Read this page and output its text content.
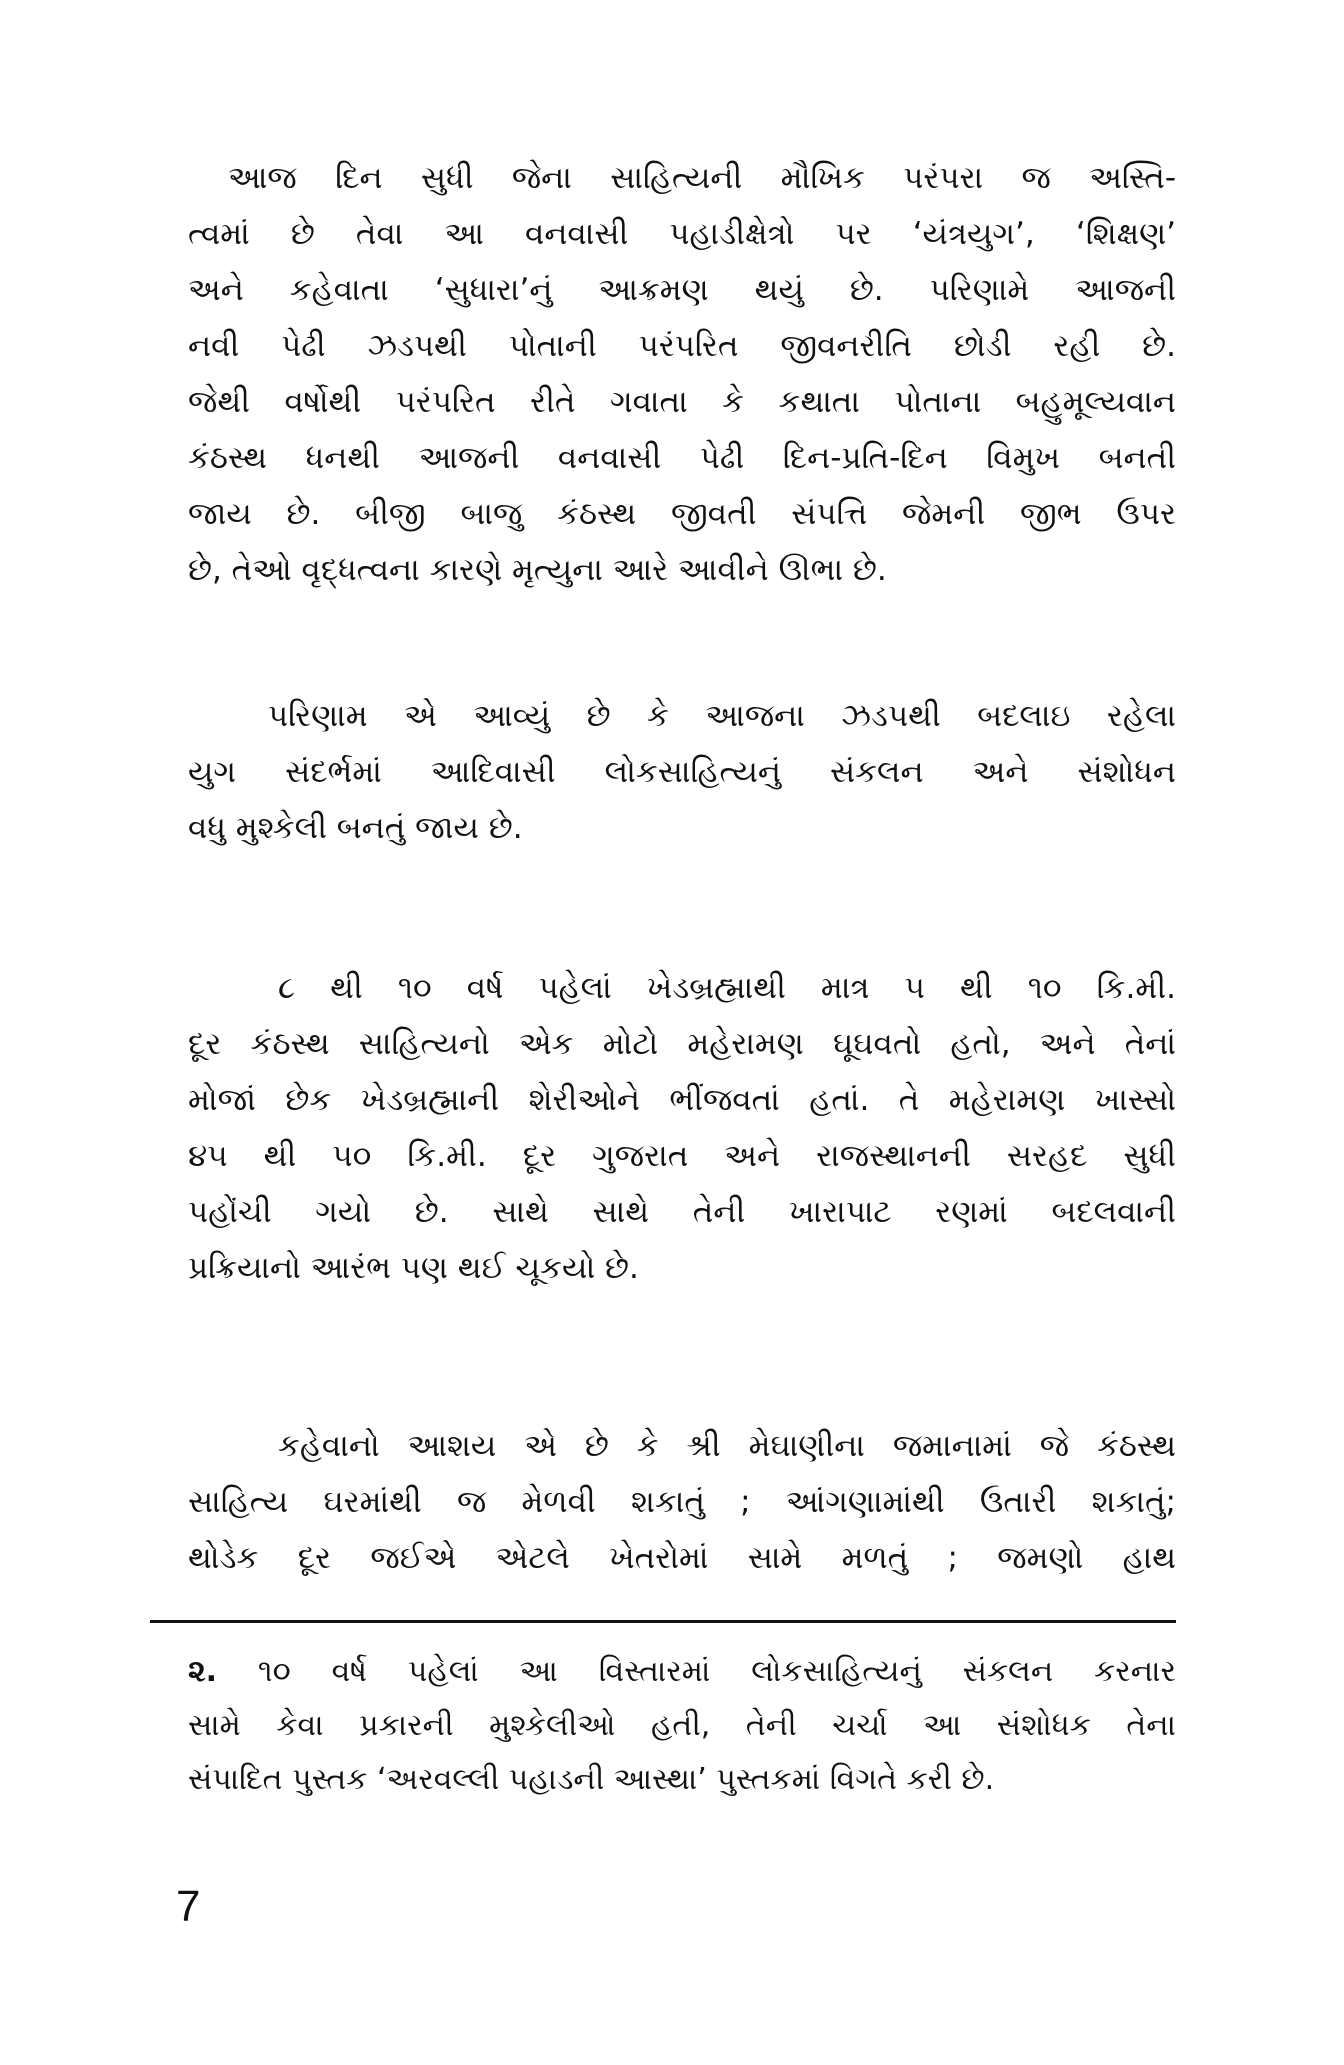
આજ દિન સુધી જેના સાહિત્યની મૌખિક પરંપરા જ અસ્તિ-
ત્વમાં છે તેવા આ વનવાસી પહાડીક્ષેત્રો પર ‘યંત્રયુગ’, ‘શિક્ષણ’
અને કહેવાતા ‘સુધારા’નું આક્રમણ થયું છે. પરિણામે આજની
નવી પેઢી ઝડપથી પોતાની પરંપરિત જીવનરીતિ છોડી રહી છે.
જેથી વર્ષોથી પરંપરિત રીતે ગવાતા કે કથાતા પોતાના બહુમૂલ્યવાન
કંઠસ્થ ધનથી આજની વનવાસી પેઢી દિન-પ્રતિ-દિન વિમુખ બનતી
જાય છે. બીજી બાજુ કંઠસ્થ જીવતી સંપત્તિ જેમની જીભ ઉપર
છે, તેઓ વૃદ્ધત્વના કારણે મૃત્યુના આરે આવીને ઊભા છે.
પરિણામ એ આવ્યું છે કે આજના ઝડપથી બદલાઇ રહેલા
યુગ સંદર્ભમાં આદિવાસી લોકસાહિત્યનું સંકલન અને સંશોધન
વધુ મુશ્કેલી બનતું જાય છે.
૮ થી ૧૦ વર્ષ પહેલાં ખેડબ્રહ્માથી માત્ર ૫ થી ૧૦ કિ.મી.
દૂર કંઠસ્થ સાહિત્યનો એક મોટો મહેરામણ ઘૂઘવતો હતો, અને તેનાં
મોજાં છેક ખેડબ્રહ્માની શેરીઓને ભીંજવતાં હતાં. તે મહેરામણ ખાસ્સો
૪૫ થી ૫૦ કિ.મી. દૂર ગુજરાત અને રાજસ્થાનની સરહદ સુધી
પહોંચી ગયો છે. સાથે સાથે તેની ખારાપાટ રણમાં બદલવાની
પ્રક્રિયાનો આરંભ પણ થઈ ચૂકયો છે.
કહેવાનો આશય એ છે કે શ્રી મેઘાણીના જમાનામાં જે કંઠસ્થ
સાહિત્ય ઘરમાંથી જ મેળવી શકાતું ; આંગણામાંથી ઉતારી શકાતું;
થોડેક દૂર જઈએ એટલે ખેતરોમાં સામે મળતું ; જમણો હાથ
૨. ૧૦ વર્ષ પહેલાં આ વિસ્તારમાં લોકસાહિત્યનું સંકલન કરનાર
સામે કેવા પ્રકારની મુશ્કેલીઓ હતી, તેની ચર્ચા આ સંશોધક તેના
સંપાદિત પુસ્તક ‘અરવલ્લી પહાડની આસ્થા’ પુસ્તકમાં વિગતે કરી છે.
7
